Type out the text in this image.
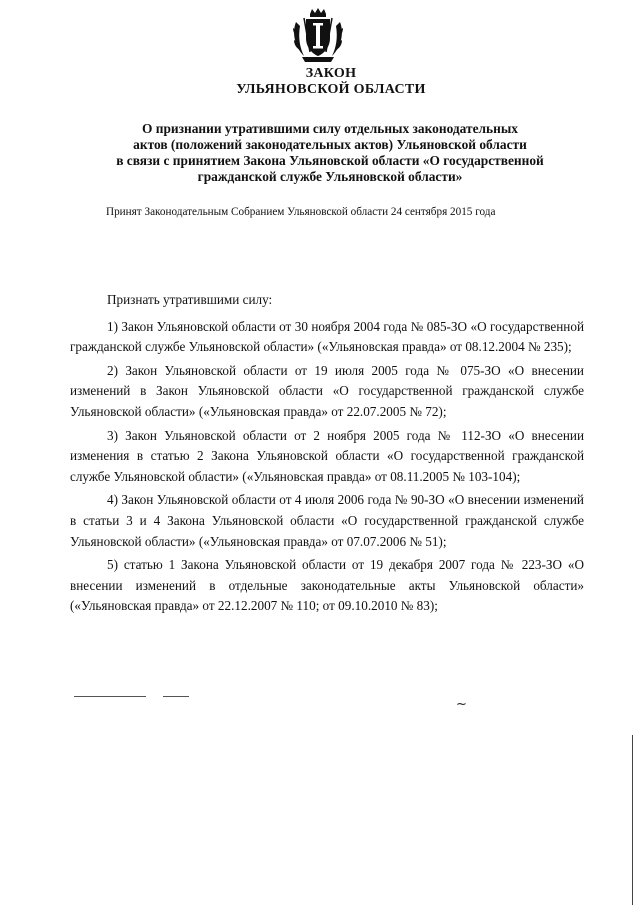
ЗАКОН
УЛЬЯНОВСКОЙ ОБЛАСТИ
О признании утратившими силу отдельных законодательных
актов (положений законодательных актов) Ульяновской области
в связи с принятием Закона Ульяновской области «О государственной
гражданской службе Ульяновской области»
Принят Законодательным Собранием Ульяновской области 24 сентября 2015 года
Признать утратившими силу:
1) Закон Ульяновской области от 30 ноября 2004 года № 085-ЗО «О государственной гражданской службе Ульяновской области» («Ульяновская правда» от 08.12.2004 № 235);
2) Закон Ульяновской области от 19 июля 2005 года № 075-ЗО «О внесении изменений в Закон Ульяновской области «О государственной гражданской службе Ульяновской области» («Ульяновская правда» от 22.07.2005 № 72);
3) Закон Ульяновской области от 2 ноября 2005 года № 112-ЗО «О внесении изменения в статью 2 Закона Ульяновской области «О государственной гражданской службе Ульяновской области» («Ульяновская правда» от 08.11.2005 № 103-104);
4) Закон Ульяновской области от 4 июля 2006 года № 90-ЗО «О внесении изменений в статьи 3 и 4 Закона Ульяновской области «О государственной гражданской службе Ульяновской области» («Ульяновская правда» от 07.07.2006 № 51);
5) статью 1 Закона Ульяновской области от 19 декабря 2007 года № 223-ЗО «О внесении изменений в отдельные законодательные акты Ульяновской области» («Ульяновская правда» от 22.12.2007 № 110; от 09.10.2010 № 83);
~
